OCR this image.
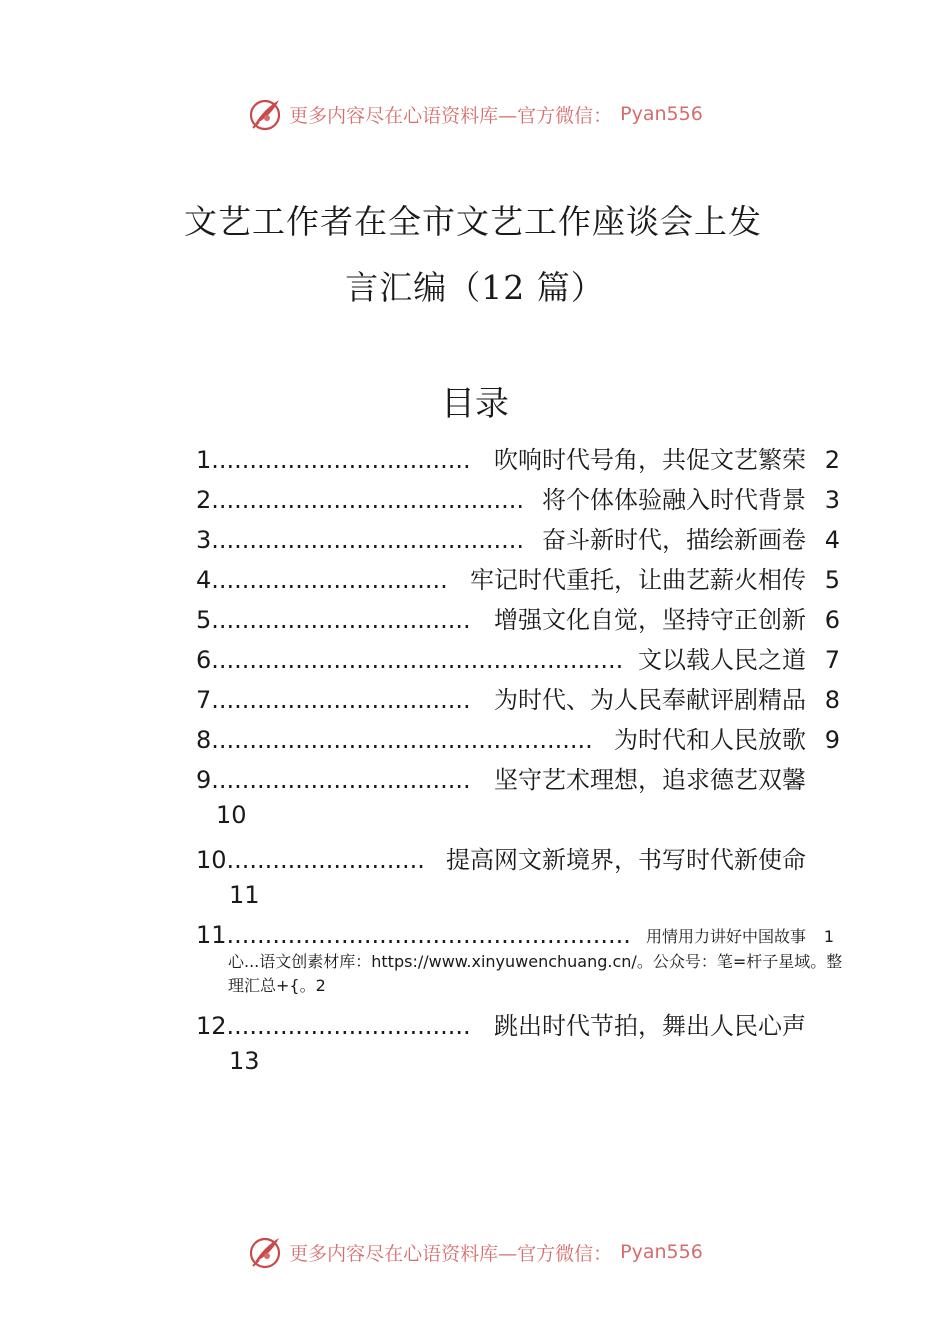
更多内容尽在心语资料库—官方微信： Pyan556
文艺工作者在全市文艺工作座谈会上发
言汇编（12 篇）
目录
1.................................. 吹响时代号角，共促文艺繁荣 2
2......................................... 将个体体验融入时代背景 3
3......................................... 奋斗新时代，描绘新画卷 4
4............................... 牢记时代重托，让曲艺薪火相传 5
5.................................. 增强文化自觉，坚持守正创新 6
6...................................................... 文以载人民之道 7
7.................................. 为时代、为人民奉献评剧精品 8
8.................................................. 为时代和人民放歌 9
9.................................. 坚守艺术理想，追求德艺双馨
10
10.......................... 提高网文新境界，书写时代新使命
11
11..................................................... 用情用力讲好中国故事 1
心...语文创素材库：https://www.xinyuwenchuang.cn/。公众号：笔=杆子星域。整理汇总+{。2
12................................ 跳出时代节拍，舞出人民心声
13
更多内容尽在心语资料库—官方微信： Pyan556
